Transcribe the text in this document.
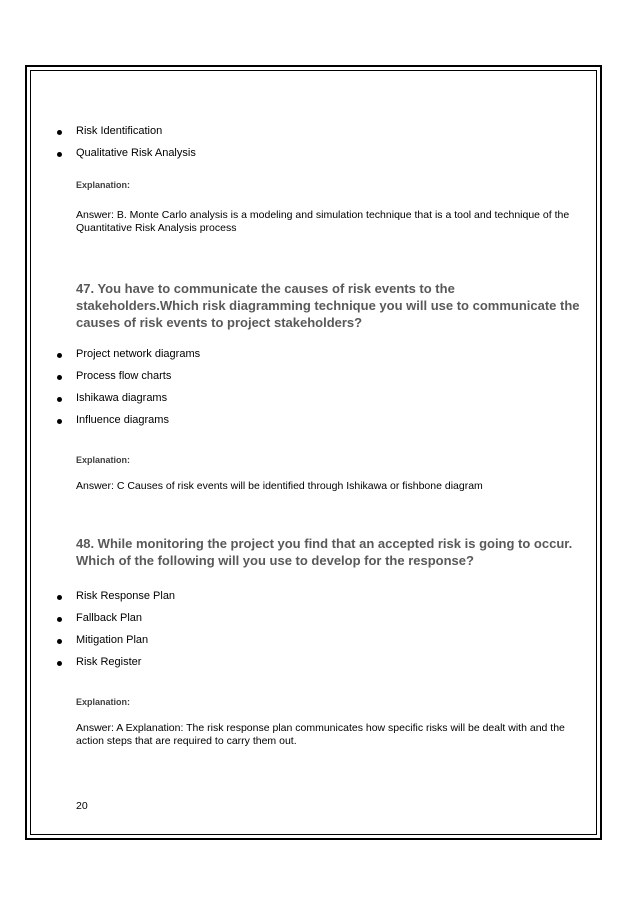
Risk Identification
Qualitative Risk Analysis
Explanation:
Answer: B. Monte Carlo analysis is a modeling and simulation technique that is a tool and technique of the Quantitative Risk Analysis process
47. You have to communicate the causes of risk events to the stakeholders.Which risk diagramming technique you will use to communicate the causes of risk events to project stakeholders?
Project network diagrams
Process flow charts
Ishikawa diagrams
Influence diagrams
Explanation:
Answer: C Causes of risk events will be identified through Ishikawa or fishbone diagram
48. While monitoring the project you find that an accepted risk is going to occur. Which of the following will you use to develop for the response?
Risk Response Plan
Fallback Plan
Mitigation Plan
Risk Register
Explanation:
Answer: A Explanation: The risk response plan communicates how specific risks will be dealt with and the action steps that are required to carry them out.
20
